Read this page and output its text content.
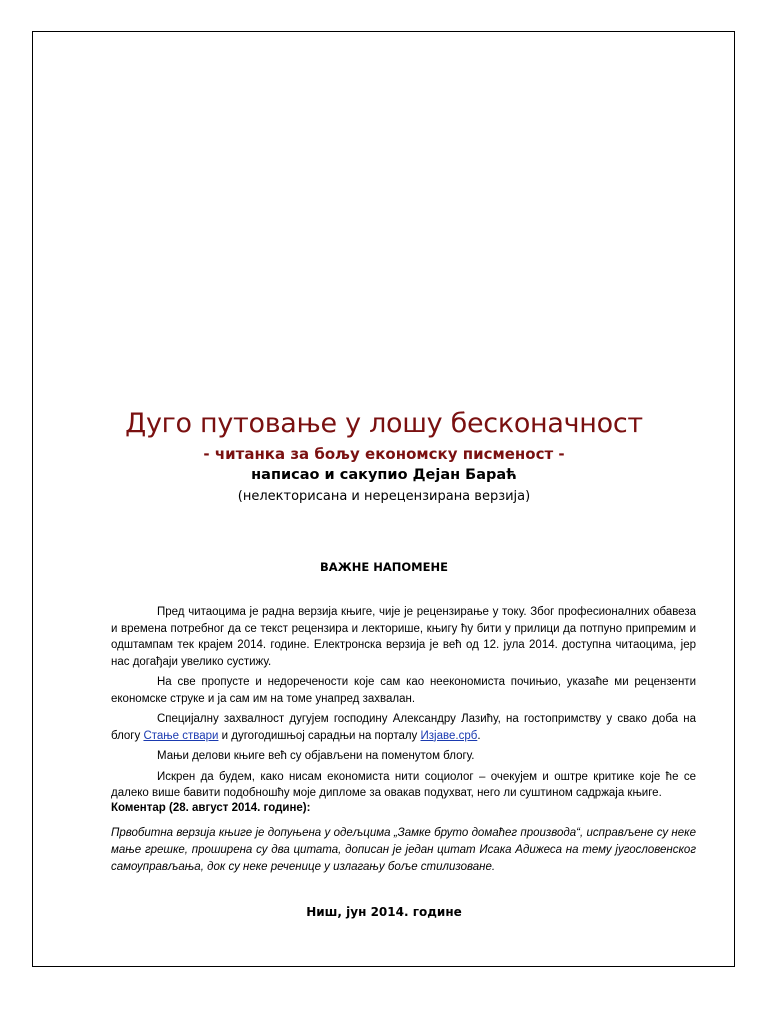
Дуго путовање у лошу бесконачност
- читанка за бољу економску писменост -
написао и сакупио Дејан Барaћ
(нелекторисана и нерецензирана верзија)
ВАЖНЕ НАПОМЕНЕ

Пред читаоцима је радна верзија књиге, чије је рецензирање у току. Због професионалних обавеза и времена потребног да се текст рецензира и лекторише, књигу ћу бити у прилици да потпуно припремим и одштампам тек крајем 2014. године. Електронска верзија је већ од 12. јула 2014. доступна читаоцима, јер нас догађаји увелико сустижу.

На све пропусте и недоречености које сам као неекономиста почињио, указаће ми рецензенти економске струке и ја сам им на томе унапред захвалан.

Специјалну захвалност дугујем господину Александру Лазићу, на гостопримству у свако доба на блогу Стање ствари и дугогодишњој сарадњи на порталу Изјаве.срб.

Мањи делови књиге већ су објављени на поменутом блогу.

Искрен да будем, како нисам економиста нити социолог – очекујем и оштре критике које ће се далеко више бавити подобношћу моје дипломе за овакав подухват, него ли суштином садржаја књиге.

Коментар (28. август 2014. године):
Првобитна верзија књиге је допуњена у одељцима „Замке бруто домаћег производа“, исправљене су неке мање грешке, проширена су два цитата, дописан је један цитат Исака Адижеса на тему југословенског самоуправљања, док су неке реченице у излагању боље стилизоване.
Ниш, јун 2014. године
